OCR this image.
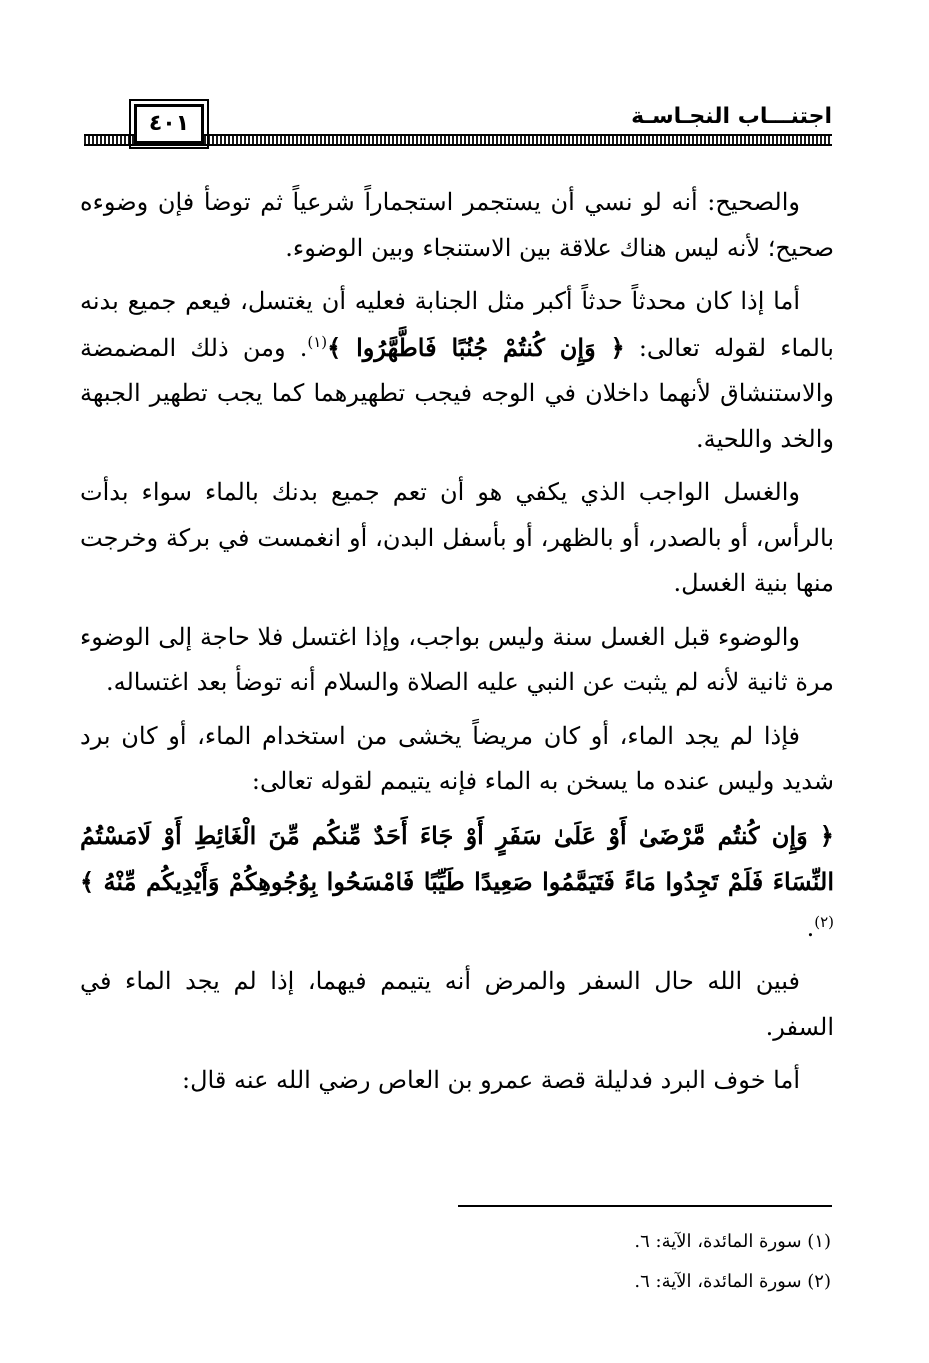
٤٠١	اجتنـــاب النجـاسـة

والصحيح: أنه لو نسي أن يستجمر استجماراً شرعياً ثم توضأ فإن وضوءه صحيح؛ لأنه ليس هناك علاقة بين الاستنجاء وبين الوضوء.

أما إذا كان محدثاً حدثاً أكبر مثل الجنابة فعليه أن يغتسل، فيعم جميع بدنه بالماء لقوله تعالى: ﴿ وَإِن كُنتُمْ جُنُبًا فَاطَّهَّرُوا ﴾$^{(١)}$. ومن ذلك المضمضة والاستنشاق لأنهما داخلان في الوجه فيجب تطهيرهما كما يجب تطهير الجبهة والخد واللحية.

والغسل الواجب الذي يكفي هو أن تعم جميع بدنك بالماء سواء بدأت بالرأس، أو بالصدر، أو بالظهر، أو بأسفل البدن، أو انغمست في بركة وخرجت منها بنية الغسل.

والوضوء قبل الغسل سنة وليس بواجب، وإذا اغتسل فلا حاجة إلى الوضوء مرة ثانية لأنه لم يثبت عن النبي عليه الصلاة والسلام أنه توضأ بعد اغتساله.

فإذا لم يجد الماء، أو كان مريضاً يخشى من استخدام الماء، أو كان برد شديد وليس عنده ما يسخن به الماء فإنه يتيمم لقوله تعالى:

﴿ وَإِن كُنتُم مَّرْضَىٰ أَوْ عَلَىٰ سَفَرٍ أَوْ جَاءَ أَحَدٌ مِّنكُم مِّنَ الْغَائِطِ أَوْ لَامَسْتُمُ النِّسَاءَ فَلَمْ تَجِدُوا مَاءً فَتَيَمَّمُوا صَعِيدًا طَيِّبًا فَامْسَحُوا بِوُجُوهِكُمْ وَأَيْدِيكُم مِّنْهُ ﴾$^{(٢)}$.

فبين الله حال السفر والمرض أنه يتيمم فيهما، إذا لم يجد الماء في السفر.

أما خوف البرد فدليلة قصة عمرو بن العاص رضي الله عنه قال:

(١) سورة المائدة، الآية: ٦.
(٢) سورة المائدة، الآية: ٦.
